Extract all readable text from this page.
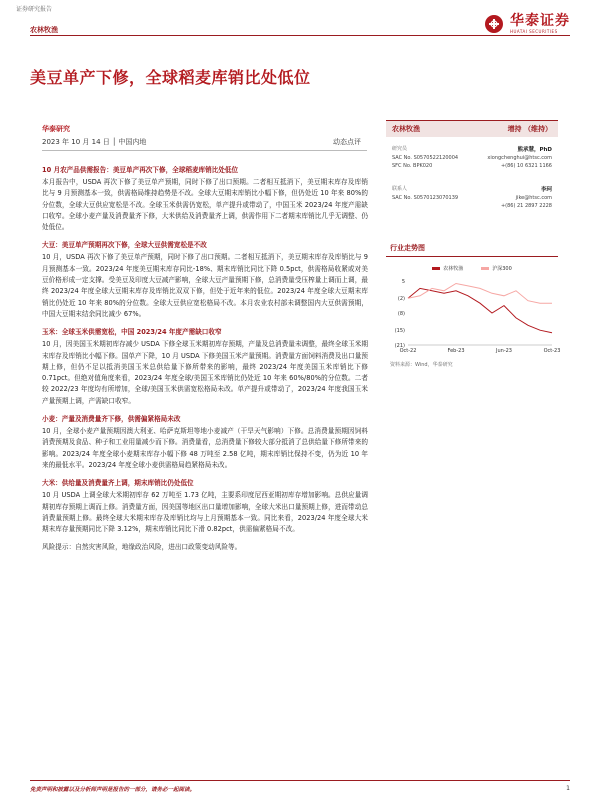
证券研究报告
农林牧渔
华泰证券
HUATAI SECURITIES
美豆单产下修，全球稻麦库销比处低位
华泰研究
2023 年 10 月 14 日 │ 中国内地	动态点评
10 月农产品供需报告：美豆单产再次下修，全球稻麦库销比处低位
本月报告中，USDA 再次下修了美豆单产预期，同时下修了出口预期。二者相互抵消下，美豆期末库存及库销比与 9 月预测基本一致，供需格局维持趋势是不改。全球大豆期末库销比小幅下修，但仍处近 10 年来 80%的分位数，全球大豆供应宽松是不改。全球玉米供需仍宽松，单产提升或带动了，中国玉米 2023/24 年度产需缺口收窄。全球小麦产量及消费量齐下修，大米供给及消费量齐上调，供需作用下二者期末库销比几乎无调整、仍处低位。
大豆：美豆单产预期再次下修，全球大豆供需宽松是不改
10 月，USDA 再次下修了美豆单产预期，同时下修了出口预期。二者相互抵消下，美豆期末库存及库销比与 9 月预测基本一致。2023/24 年度美豆期末库存同比-18%、期末库销比同比下降 0.5pct，供需格局收紧或对美豆价格形成一定支撑。受美豆及印度大豆减产影响，全球大豆产量预期下修，总消费量受压榨量上调而上调，最终 2023/24 年度全球大豆期末库存及库销比双双下修，但处于近年来的低位。2023/24 年度全球大豆期末库销比仍处近 10 年来 80%的分位数。全球大豆供应宽松格局不改。本月农业农村部未调整国内大豆供需预期，中国大豆期末结余同比减少 67%。
玉米：全球玉米供需宽松，中国 2023/24 年度产需缺口收窄
10 月，因美国玉米期初库存减少 USDA 下修全球玉米期初库存预期，产量及总消费量未调整，最终全球玉米期末库存及库销比小幅下修。国单产下降，10 月 USDA 下修美国玉米产量预期。消费量方面饲料消费及出口量预期上修，但仍不足以抵消美国玉米总供给量下修所带来的影响，最终 2023/24 年度美国玉米库销比下修 0.71pct。但绝对值角度来看，2023/24 年度全球/美国玉米库销比仍处近 10 年来 60%/80%的分位数。二者较 2022/23 年度均有所增加，全球/美国玉米供需宽松格局未改。单产提升或带动了，2023/24 年度我国玉米产量预期上调，产需缺口收窄。
小麦：产量及消费量齐下修，供需偏紧格局未改
10 月，全球小麦产量预期因澳大利亚、哈萨克斯坦等地小麦减产（干旱天气影响）下修。总消费量预期因饲料消费预期及食品、种子和工业用量减少而下修。消费量看，总消费量下修较大部分抵消了总供给量下修所带来的影响。2023/24 年度全球小麦期末库存小幅下修 48 万吨至 2.58 亿吨，期末库销比保持不变，仍为近 10 年来的最低水平。2023/24 年度全球小麦供需格局趋紧格局未改。
大米：供给量及消费量齐上调，期末库销比仍处低位
10 月 USDA 上调全球大米期初库存 62 万吨至 1.73 亿吨，主要系印度尼西亚期初库存增加影响。总供应量调期初库存预期上调而上修。消费量方面，因美国等地区出口量增加影响，全球大米出口量预期上修，进而带动总消费量预期上修。最终全球大米期末库存及库销比均与上月预期基本一致。同比来看，2023/24 年度全球大米期末库存量预期同比下降 3.12%，期末库销比同比下滑 0.82pct，供需偏紧格局不改。
风险提示：自然灾害风险，地缘政治风险，进出口政策变动风险等。
农林牧渔	增持 （维持）
研究员	熊承慧，PhD
SAC No. S0570522120004	xiongchenghui@htsc.com
SFC No. BPK020	+(86) 10 6321 1166
联系人	李珂
SAC No. S0570123070139	jike@htsc.com
+(86) 21 2897 2228
行业走势图
农林牧渔	沪深300
(21)
(15)
(8)
(2)
5
Oct-22	Feb-23	Jun-23	Oct-23
资料来源：Wind，华泰研究
免责声明和披露以及分析师声明是报告的一部分，请务必一起阅读。	1
